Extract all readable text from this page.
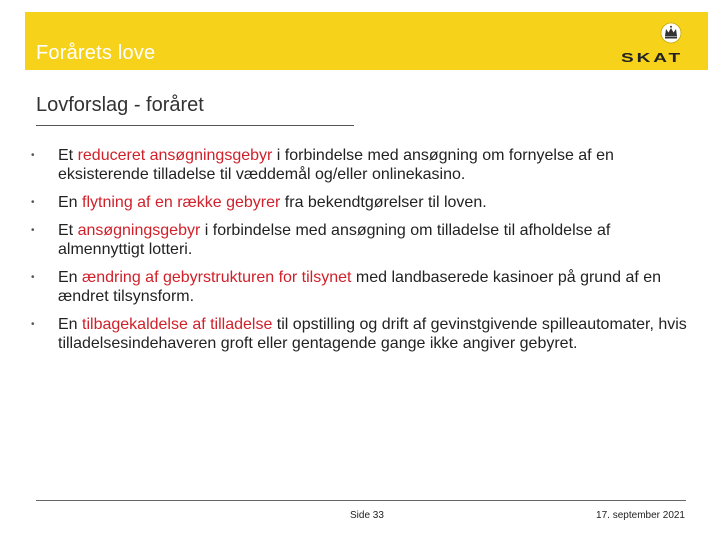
Forårets love	SKAT
Lovforslag - foråret
• Et reduceret ansøgningsgebyr i forbindelse med ansøgning om fornyelse af en eksisterende tilladelse til væddemål og/eller onlinekasino.
• En flytning af en række gebyrer fra bekendtgørelser til loven.
• Et ansøgningsgebyr i forbindelse med ansøgning om tilladelse til afholdelse af almennyttigt lotteri.
• En ændring af gebyrstrukturen for tilsynet med landbaserede kasinoer på grund af en ændret tilsynsform.
• En tilbagekaldelse af tilladelse til opstilling og drift af gevinstgivende spilleautomater, hvis tilladelsesindehaveren groft eller gentagende gange ikke angiver gebyret.
Side 33	17. september 2021
